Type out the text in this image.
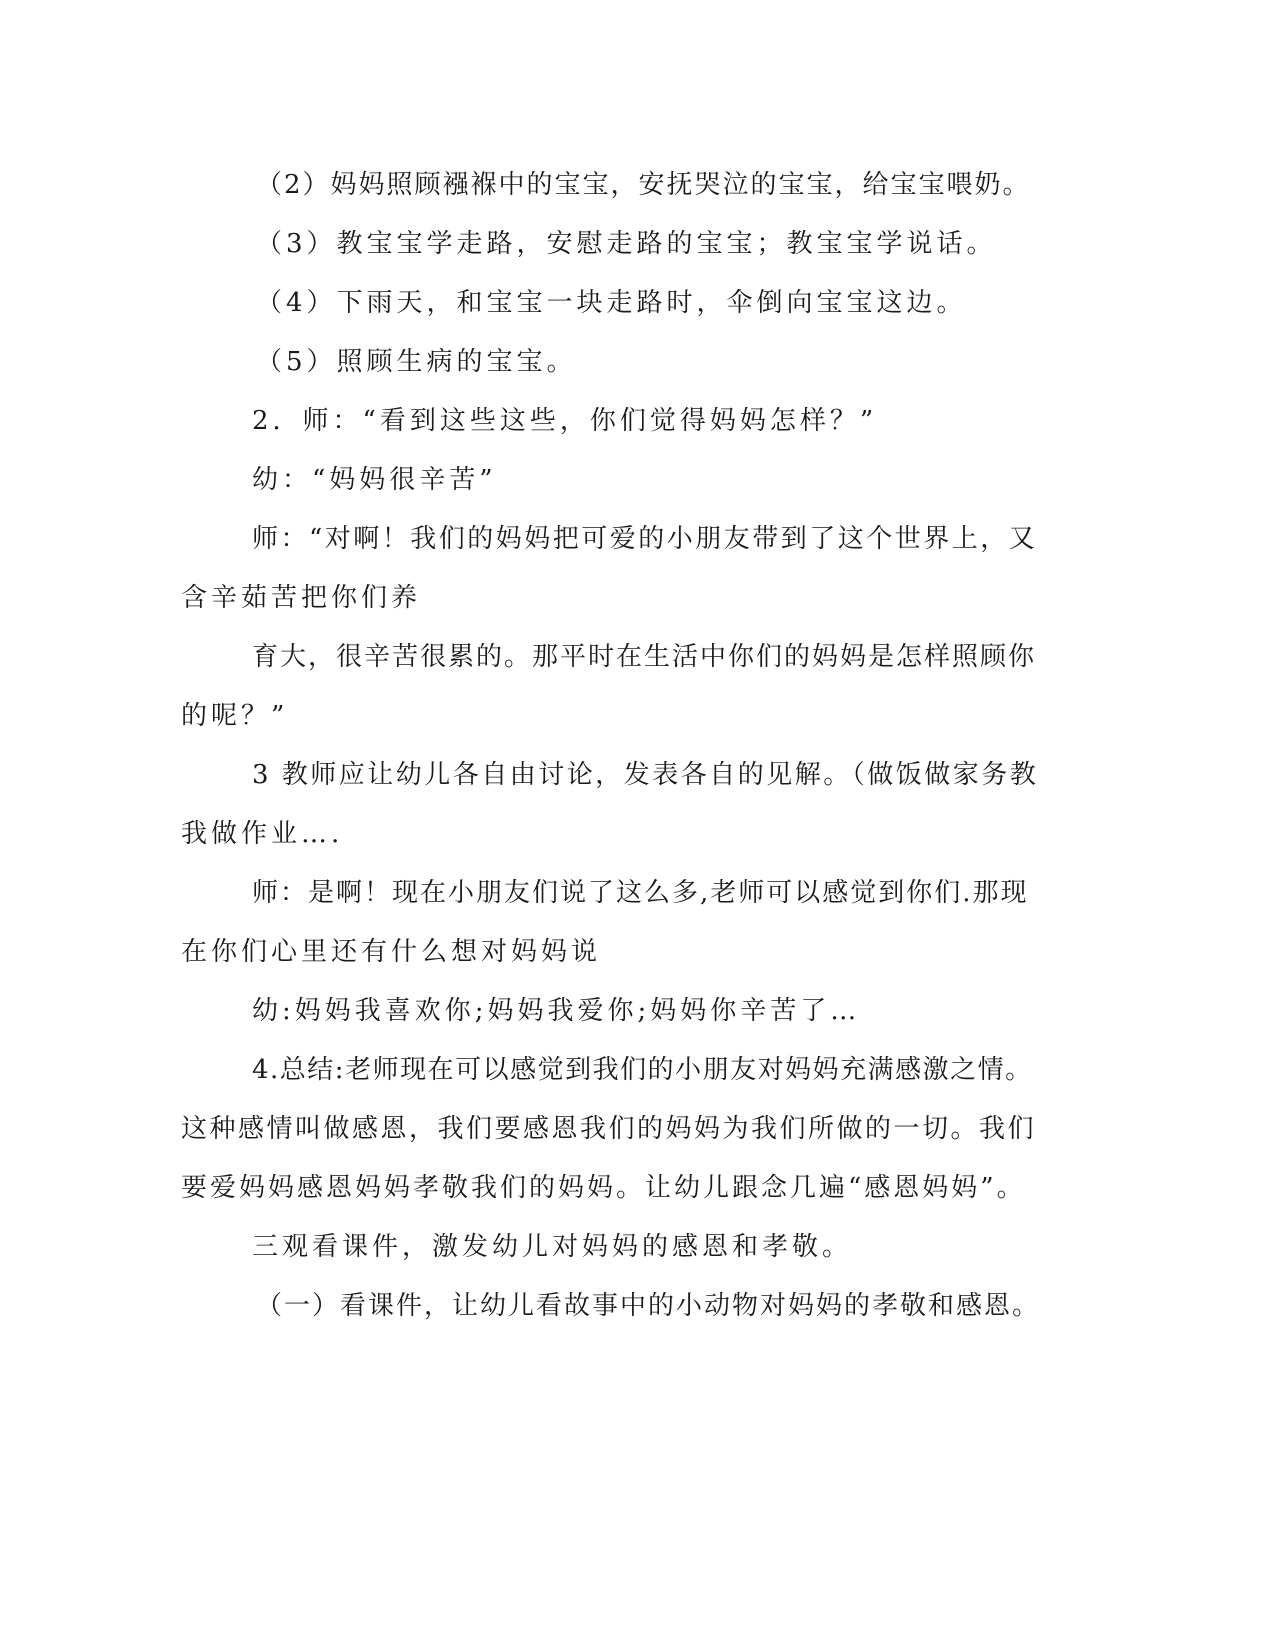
（2）妈妈照顾襁褓中的宝宝，安抚哭泣的宝宝，给宝宝喂奶。
（3）教宝宝学走路，安慰走路的宝宝；教宝宝学说话。
（4）下雨天，和宝宝一块走路时，伞倒向宝宝这边。
（5）照顾生病的宝宝。
2．师：“看到这些这些，你们觉得妈妈怎样？”
幼：“妈妈很辛苦”
师：“对啊！我们的妈妈把可爱的小朋友带到了这个世界上，又
含辛茹苦把你们养
育大，很辛苦很累的。那平时在生活中你们的妈妈是怎样照顾你
的呢？”
3 教师应让幼儿各自由讨论，发表各自的见解。（做饭做家务教
我做作业….
师：是啊！现在小朋友们说了这么多,老师可以感觉到你们.那现
在你们心里还有什么想对妈妈说
幼:妈妈我喜欢你;妈妈我爱你;妈妈你辛苦了…
4.总结:老师现在可以感觉到我们的小朋友对妈妈充满感激之情。
这种感情叫做感恩，我们要感恩我们的妈妈为我们所做的一切。我们
要爱妈妈感恩妈妈孝敬我们的妈妈。让幼儿跟念几遍“感恩妈妈”。
三观看课件，激发幼儿对妈妈的感恩和孝敬。
（一）看课件，让幼儿看故事中的小动物对妈妈的孝敬和感恩。
